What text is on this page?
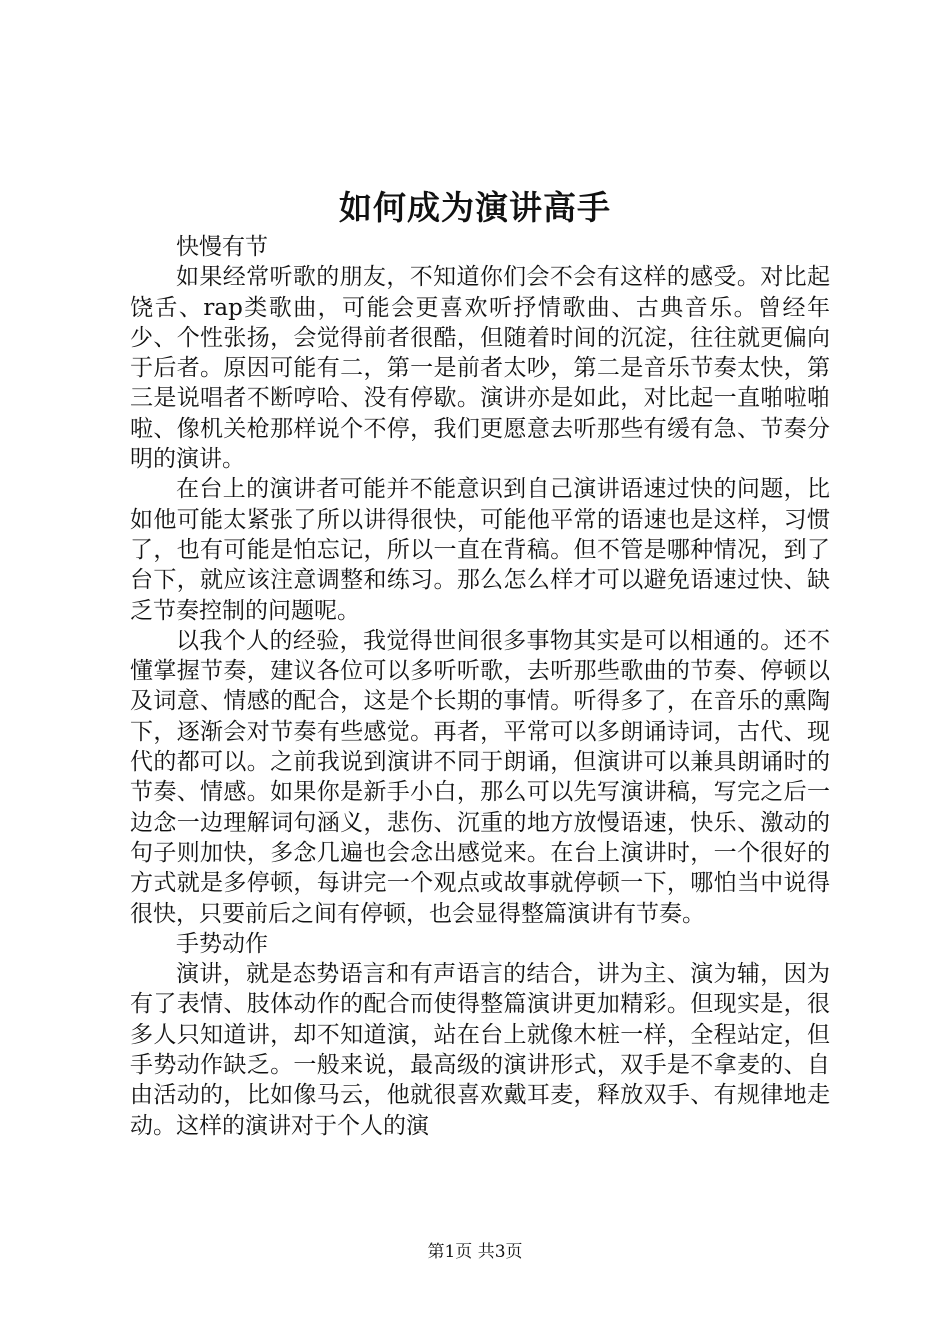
如何成为演讲高手

快慢有节

如果经常听歌的朋友，不知道你们会不会有这样的感受。对比起饶舌、rap类歌曲，可能会更喜欢听抒情歌曲、古典音乐。曾经年少、个性张扬，会觉得前者很酷，但随着时间的沉淀，往往就更偏向于后者。原因可能有二，第一是前者太吵，第二是音乐节奏太快，第三是说唱者不断哼哈、没有停歇。演讲亦是如此，对比起一直啪啦啪啦、像机关枪那样说个不停，我们更愿意去听那些有缓有急、节奏分明的演讲。

在台上的演讲者可能并不能意识到自己演讲语速过快的问题，比如他可能太紧张了所以讲得很快，可能他平常的语速也是这样，习惯了，也有可能是怕忘记，所以一直在背稿。但不管是哪种情况，到了台下，就应该注意调整和练习。那么怎么样才可以避免语速过快、缺乏节奏控制的问题呢。

以我个人的经验，我觉得世间很多事物其实是可以相通的。还不懂掌握节奏，建议各位可以多听听歌，去听那些歌曲的节奏、停顿以及词意、情感的配合，这是个长期的事情。听得多了，在音乐的熏陶下，逐渐会对节奏有些感觉。再者，平常可以多朗诵诗词，古代、现代的都可以。之前我说到演讲不同于朗诵，但演讲可以兼具朗诵时的节奏、情感。如果你是新手小白，那么可以先写演讲稿，写完之后一边念一边理解词句涵义，悲伤、沉重的地方放慢语速，快乐、激动的句子则加快，多念几遍也会念出感觉来。在台上演讲时，一个很好的方式就是多停顿，每讲完一个观点或故事就停顿一下，哪怕当中说得很快，只要前后之间有停顿，也会显得整篇演讲有节奏。

手势动作

演讲，就是态势语言和有声语言的结合，讲为主、演为辅，因为有了表情、肢体动作的配合而使得整篇演讲更加精彩。但现实是，很多人只知道讲，却不知道演，站在台上就像木桩一样，全程站定，但手势动作缺乏。一般来说，最高级的演讲形式，双手是不拿麦的、自由活动的，比如像马云，他就很喜欢戴耳麦，释放双手、有规律地走动。这样的演讲对于个人的演

第1页 共3页
